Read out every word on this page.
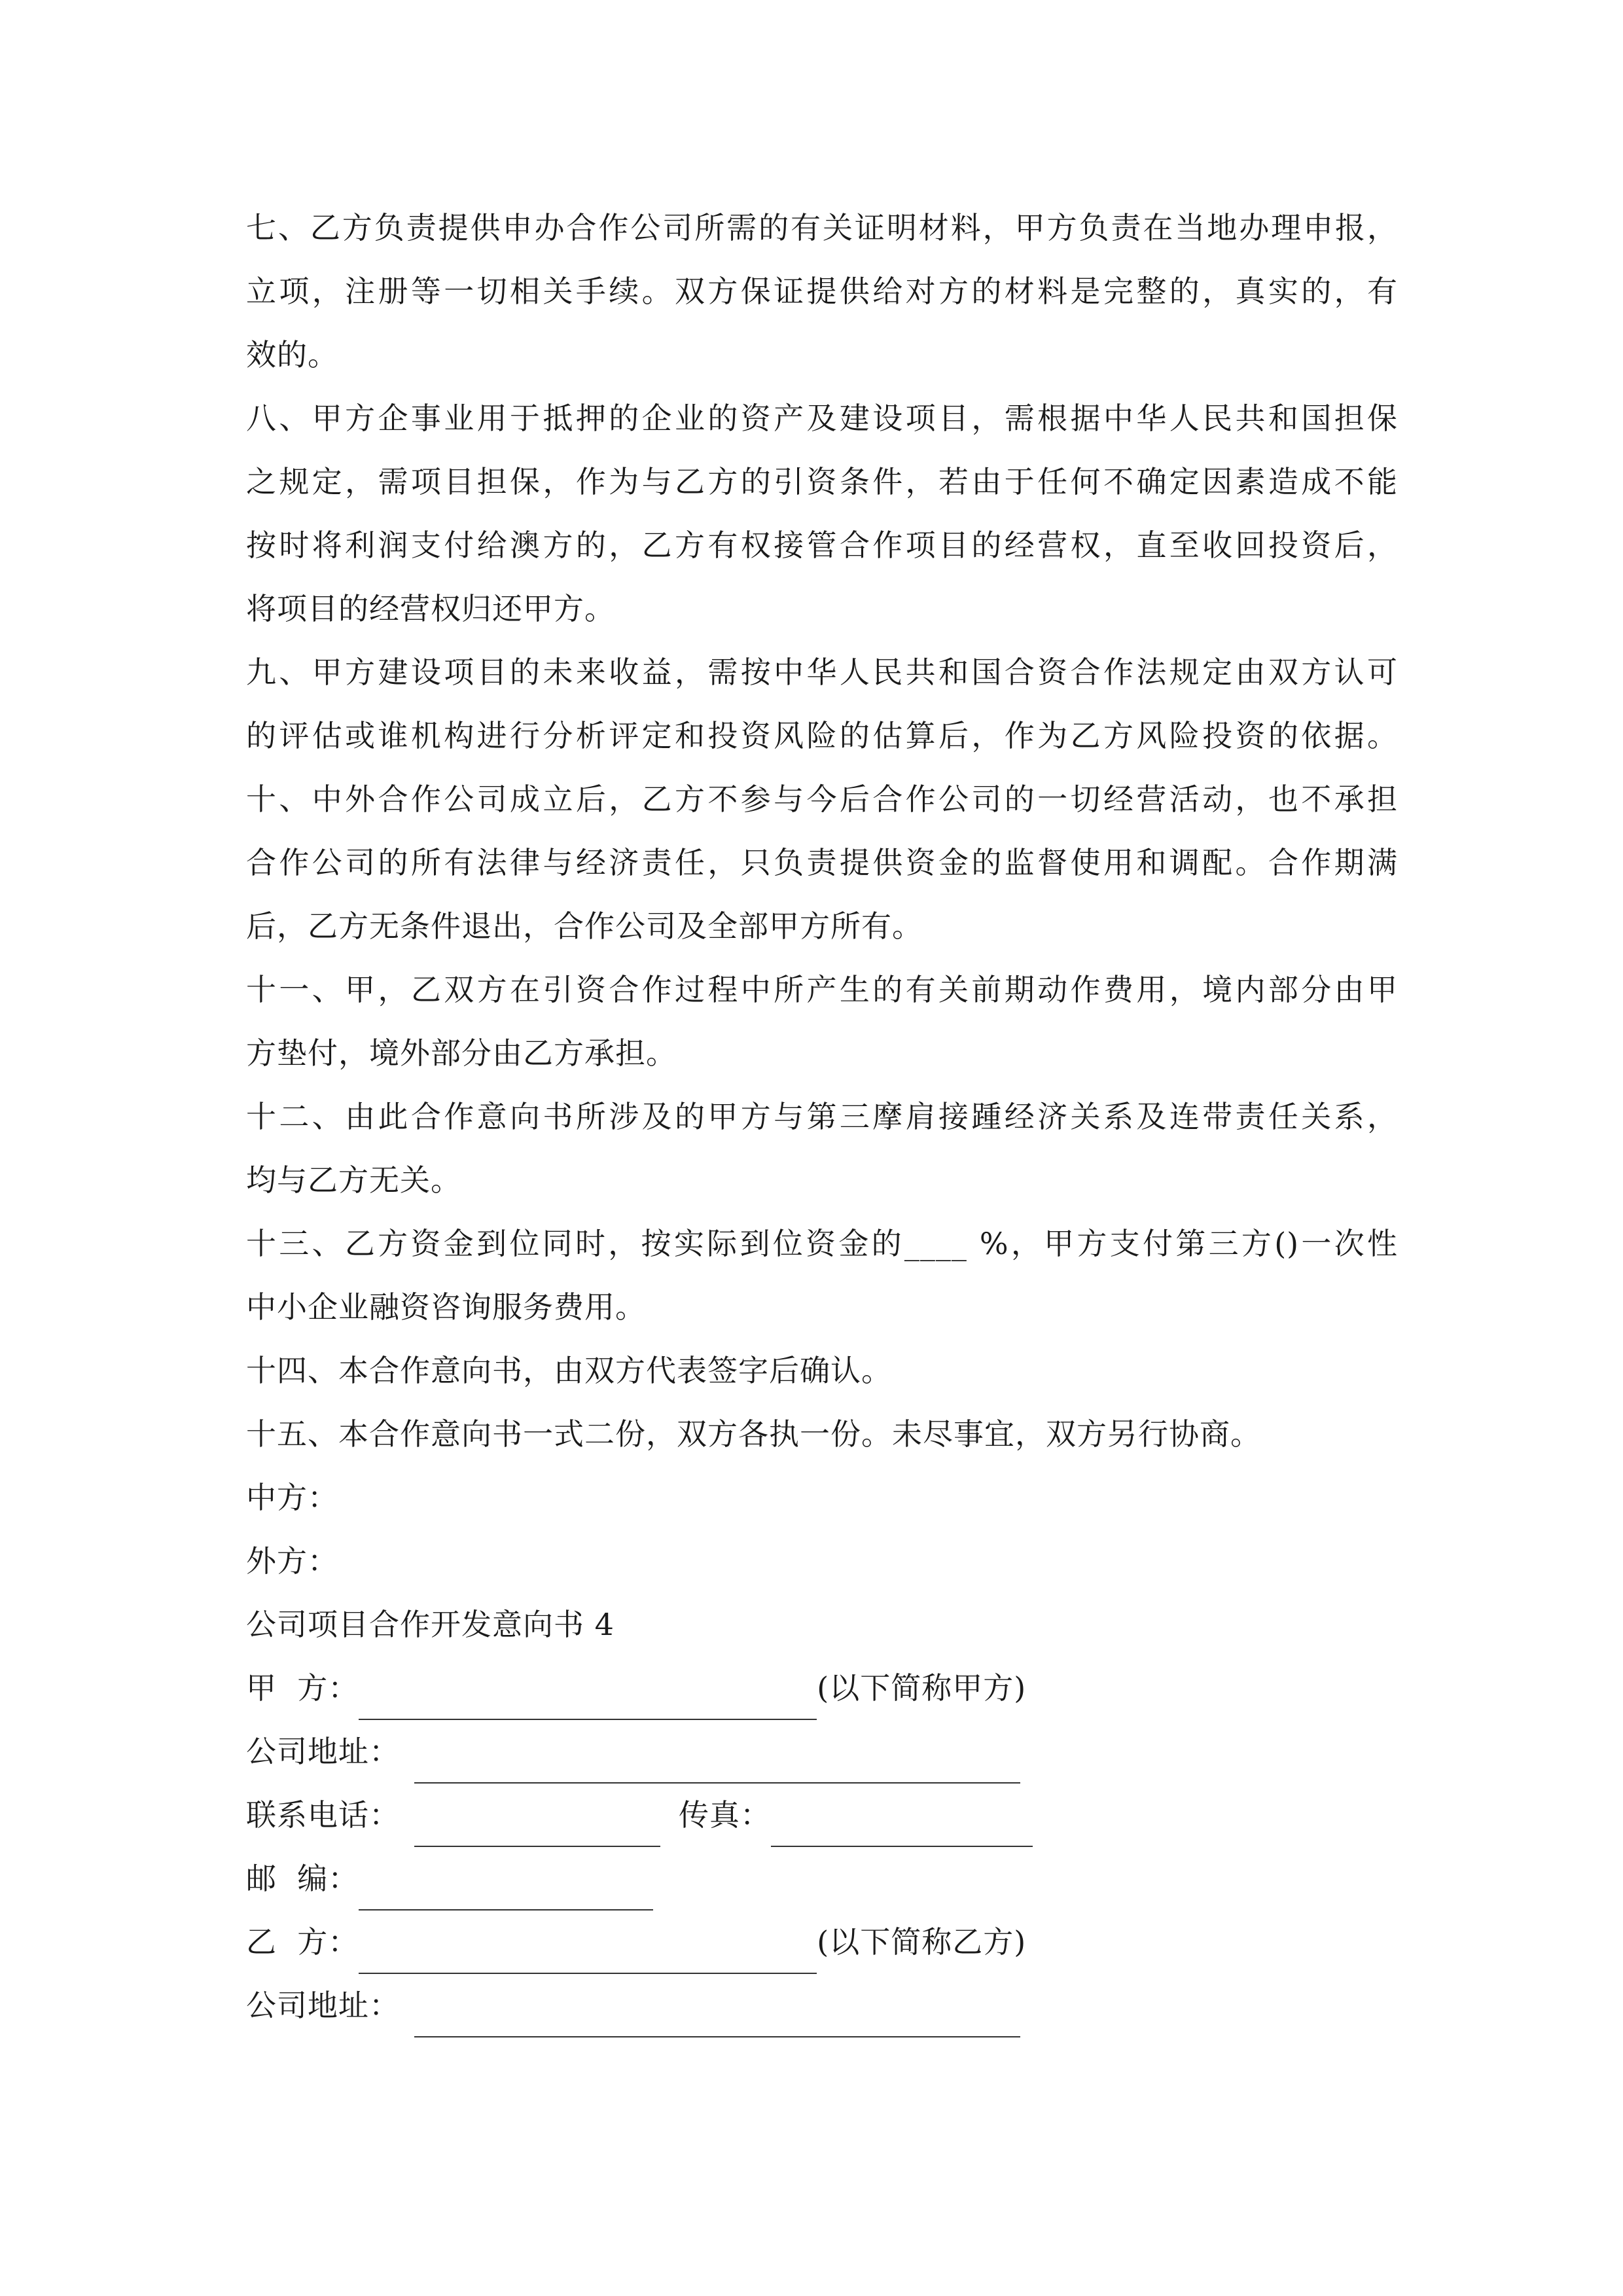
七、乙方负责提供申办合作公司所需的有关证明材料，甲方负责在当地办理申报，
立项，注册等一切相关手续。双方保证提供给对方的材料是完整的，真实的，有
效的。
八、甲方企事业用于抵押的企业的资产及建设项目，需根据中华人民共和国担保
之规定，需项目担保，作为与乙方的引资条件，若由于任何不确定因素造成不能
按时将利润支付给澳方的，乙方有权接管合作项目的经营权，直至收回投资后，
将项目的经营权归还甲方。
九、甲方建设项目的未来收益，需按中华人民共和国合资合作法规定由双方认可
的评估或谁机构进行分析评定和投资风险的估算后，作为乙方风险投资的依据。
十、中外合作公司成立后，乙方不参与今后合作公司的一切经营活动，也不承担
合作公司的所有法律与经济责任，只负责提供资金的监督使用和调配。合作期满
后，乙方无条件退出，合作公司及全部甲方所有。
十一、甲，乙双方在引资合作过程中所产生的有关前期动作费用，境内部分由甲
方垫付，境外部分由乙方承担。
十二、由此合作意向书所涉及的甲方与第三摩肩接踵经济关系及连带责任关系，
均与乙方无关。
十三、乙方资金到位同时，按实际到位资金的____ %，甲方支付第三方()一次性
中小企业融资咨询服务费用。
十四、本合作意向书，由双方代表签字后确认。
十五、本合作意向书一式二份，双方各执一份。未尽事宜，双方另行协商。
中方：
外方：
公司项目合作开发意向书 4
甲  方：	(以下简称甲方)
公司地址：
联系电话：	传真：
邮  编：
乙  方：	(以下简称乙方)
公司地址：
